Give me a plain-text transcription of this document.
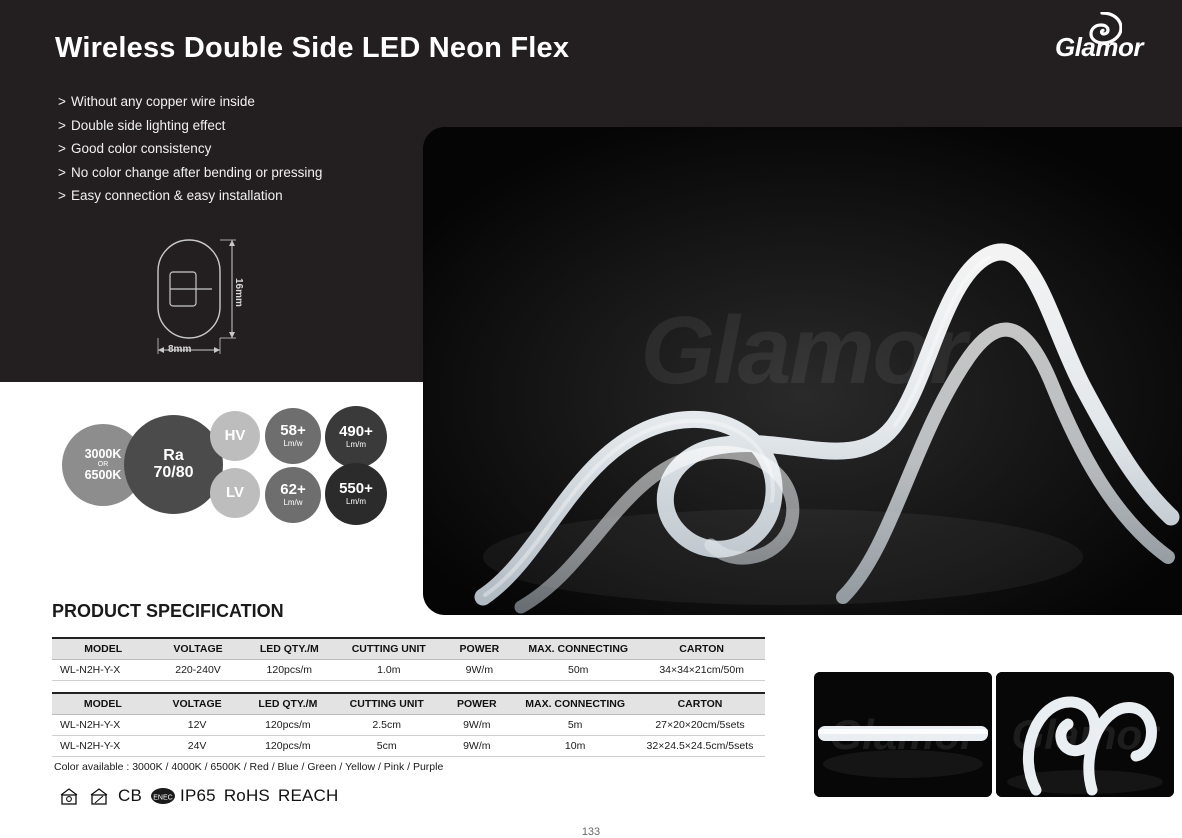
Wireless Double Side LED Neon Flex	Glamor
> Without any copper wire inside
> Double side lighting effect
> Good color consistency
> No color change after bending or pressing
> Easy connection & easy installation
16mm
8mm
3000K
OR
6500K
Ra
70/80
HV
LV
58+
Lm/w
490+
Lm/m
62+
Lm/w
550+
Lm/m
Glamor
PRODUCT SPECIFICATION
MODEL	VOLTAGE	LED QTY./M	CUTTING UNIT	POWER	MAX. CONNECTING	CARTON
WL-N2H-Y-X	220-240V	120pcs/m	1.0m	9W/m	50m	34×34×21cm/50m
MODEL	VOLTAGE	LED QTY./M	CUTTING UNIT	POWER	MAX. CONNECTING	CARTON
WL-N2H-Y-X	12V	120pcs/m	2.5cm	9W/m	5m	27×20×20cm/5sets
WL-N2H-Y-X	24V	120pcs/m	5cm	9W/m	10m	32×24.5×24.5cm/5sets
Color available : 3000K / 4000K / 6500K / Red / Blue / Green / Yellow / Pink / Purple
CB ENEC IP65 RoHS REACH
Glamor Glamor
133
